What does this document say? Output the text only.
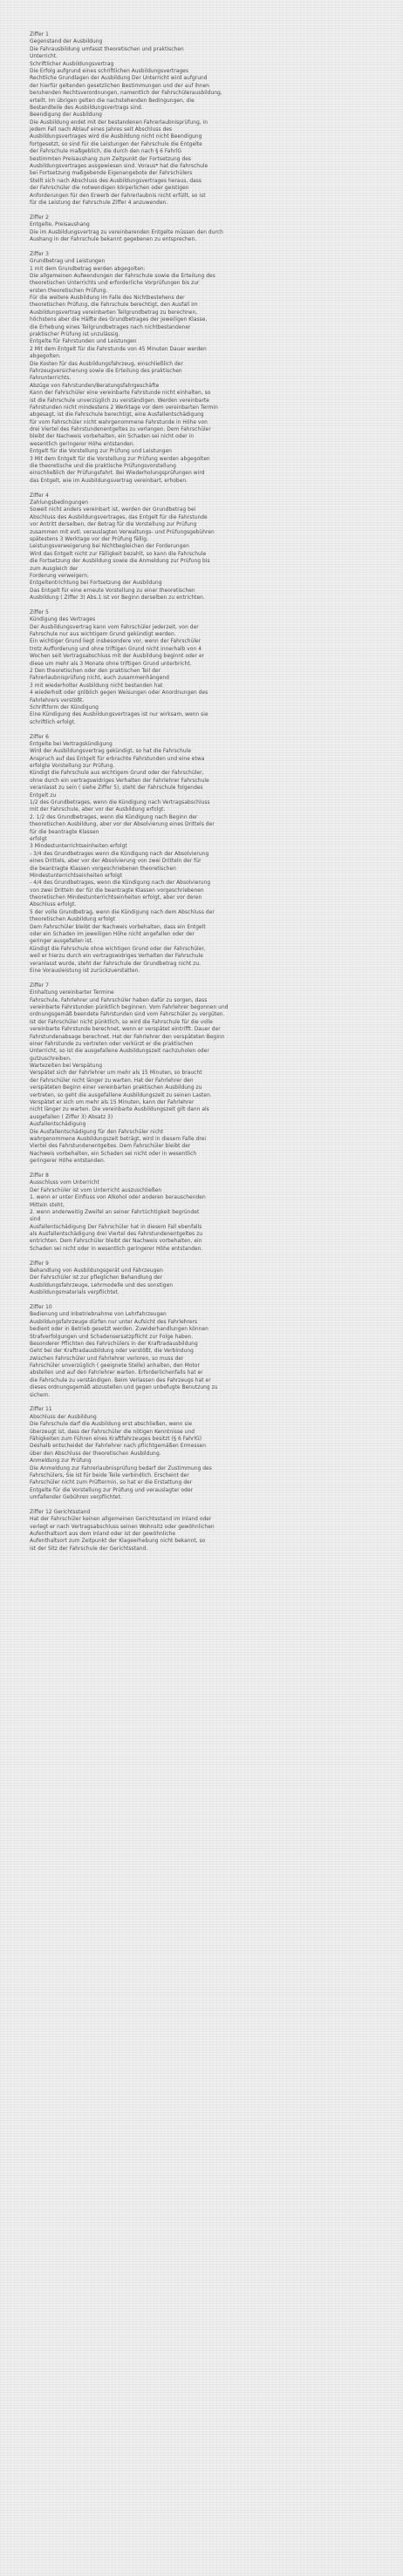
Ziffer 1
Gegenstand der Ausbildung
Die Fahrausbildung umfasst theoretischen und praktischen
Unterricht.
Schriftlicher Ausbildungsvertrag
Die Erfolg aufgrund eines schriftlichen Ausbildungsvertrages
Rechtliche Grundlagen der Ausbildung Der Unterricht wird aufgrund
der hierfür geltenden gesetzlichen Bestimmungen und der auf ihnen
beruhenden Rechtsverordnungen, namentlich der Fahrschülerausbildung,
erteilt. Im übrigen gelten die nachstehenden Bedingungen, die
Bestandteile des Ausbildungsvertrags sind.
Beendigung der Ausbildung
Die Ausbildung endet mit der bestandenen Fahrerlaubnisprüfung, in
jedem Fall nach Ablauf eines Jahres seit Abschluss des
Ausbildungsvertrages wird die Ausbildung nicht nicht Beendigung
fortgesetzt, so sind für die Leistungen der Fahrschule die Entgelte
der Fahrschule maßgeblich, die durch den nach § 6 FahrlG
bestimmten Preisaushang zum Zeitpunkt der Fortsetzung des
Ausbildungsvertrages ausgewiesen sind. Voraus* hat die Fahrschule
bei Fortsetzung maßgebende Eigenangebote der Fahrschülers
Stellt sich nach Abschluss des Ausbildungsvertrages heraus, dass
der Fahrschüler die notwendigen körperlichen oder geistigen
Anforderungen für den Erwerb der Fahrerlaubnis nicht erfüllt, so ist
für die Leistung der Fahrschule Ziffer 4 anzuwenden.
Ziffer 2
Entgelte, Preisaushang
Die im Ausbildungsvertrag zu vereinbarenden Entgelte müssen den durch
Aushang in der Fahrschule bekannt gegebenen zu entsprechen.
Ziffer 3
Grundbetrag und Leistungen
1 mit dem Grundbetrag werden abgegolten:
Die allgemeinen Aufwendungen der Fahrschule sowie die Erteilung des
theoretischen Unterrichts und erforderliche Vorprüfungen bis zur
ersten theoretischen Prüfung.
Für die weitere Ausbildung im Falle des Nichtbestehens der
theoretischen Prüfung, die Fahrschule berechtigt, den Ausfall im
Ausbildungsvertrag vereinbarten Teilgrundbetrag zu berechnen,
höchstens aber die Hälfte des Grundbetrages der jeweiligen Klasse,
die Erhebung eines Teilgrundbetrages nach nichtbestandener
praktischer Prüfung ist unzulässig.
Entgelte für Fahrstunden und Leistungen
2 Mit dem Entgelt für die Fahrstunde von 45 Minuten Dauer werden
abgegolten.
Die Kosten für das Ausbildungsfahrzeug, einschließlich der
Fahrzeugversicherung sowie die Erteilung des praktischen
Fahrunterrichts.
Abzüge von Fahrstunden/Beratungsfahrgeschäfte
Kann der Fahrschüler eine vereinbarte Fahrstunde nicht einhalten, so
ist die Fahrschule unverzüglich zu verständigen. Werden vereinbarte
Fahrstunden nicht mindestens 2 Werktage vor dem vereinbarten Termin
abgesagt, ist die Fahrschule berechtigt, eine Ausfallentschädigung
für vom Fahrschüler nicht wahrgenommene Fahrstunde in Höhe von
drei Viertel des Fahrstundenentgeltes zu verlangen. Dem Fahrschüler
bleibt der Nachweis vorbehalten, ein Schaden sei nicht oder in
wesentlich geringerer Höhe entstanden.
Entgelt für die Vorstellung zur Prüfung und Leistungen
3 Mit dem Entgelt für die Vorstellung zur Prüfung werden abgegolten
die theoretische und die praktische Prüfungsvorstellung
einschließlich der Prüfungsfahrt. Bei Wiederholungsprüfungen wird
das Entgelt, wie im Ausbildungsvertrag vereinbart, erhoben.
Ziffer 4
Zahlungsbedingungen
Soweit nicht anders vereinbart ist, werden der Grundbetrag bei
Abschluss des Ausbildungsvertrages, das Entgelt für die Fahrstunde
vor Antritt derselben, der Betrag für die Vorstellung zur Prüfung
zusammen mit evtl. verauslagten Verwaltungs- und Prüfungsgebühren
spätestens 3 Werktage vor der Prüfung fällig.
Leistungsverweigerung bei Nichtbegleichen der Forderungen
Wird das Entgelt nicht zur Fälligkeit bezahlt, so kann die Fahrschule
die Fortsetzung der Ausbildung sowie die Anmeldung zur Prüfung bis
zum Ausgleich der
Forderung verweigern.
Entgeltentrichtung bei Fortsetzung der Ausbildung
Das Entgelt für eine erneute Vorstellung zu einer theoretischen
Ausbildung ( Ziffer 3) Abs.1 ist vor Beginn derselben zu entrichten.
Ziffer 5
Kündigung des Vertrages
Der Ausbildungsvertrag kann vom Fahrschüler jederzeit, von der
Fahrschule nur aus wichtigem Grund gekündigt werden.
Ein wichtiger Grund liegt insbesondere vor, wenn der Fahrschüler
trotz Aufforderung und ohne triftigen Grund nicht innerhalb von 4
Wochen seit Vertragsabschluss mit der Ausbildung beginnt oder er
diese um mehr als 3 Monate ohne triftigen Grund unterbricht.
2 Den theoretischen oder den praktischen Teil der
Fahrerlaubnisprüfung nicht, auch zusammenhängend
3 mit wiederholter Ausbildung nicht bestanden hat
4 wiederholt oder gröblich gegen Weisungen oder Anordnungen des
Fahrlehrers verstößt.
Schriftform der Kündigung
Eine Kündigung des Ausbildungsvertrages ist nur wirksam, wenn sie
schriftlich erfolgt.
Ziffer 6
Entgelte bei Vertragskündigung
Wird der Ausbildungsvertrag gekündigt, so hat die Fahrschule
Anspruch auf das Entgelt für erbrachte Fahrstunden und eine etwa
erfolgte Vorstellung zur Prüfung.
Kündigt die Fahrschule aus wichtigem Grund oder der Fahrschüler,
ohne durch ein vertragswidriges Verhalten der Fahrlehrer Fahrschule
veranlasst zu sein ( siehe Ziffer 5), steht der Fahrschule folgendes
Entgelt zu
1/2 des Grundbetrages, wenn die Kündigung nach Vertragsabschluss
mit der Fahrschule, aber vor der Ausbildung erfolgt.
2. 1/2 des Grundbetrages, wenn die Kündigung nach Beginn der
theoretischen Ausbildung, aber vor der Absolvierung eines Drittels der
für die beantragte Klassen
erfolgt
3 Mindestunterrichtseinheiten erfolgt
- 3/4 des Grundbetrages wenn die Kündigung nach der Absolvierung
eines Drittels, aber vor der Absolvierung von zwei Dritteln der für
die beantragte Klassen vorgeschriebenen theoretischen
Mindestunterrichtseinheiten erfolgt
- 4/4 des Grundbetrages, wenn die Kündigung nach der Absolvierung
von zwei Dritteln der für die beantragte Klassen vorgeschriebenen
theoretischen Mindestunterrichtseinheiten erfolgt, aber vor deren
Abschluss erfolgt.
5 der volle Grundbetrag, wenn die Kündigung nach dem Abschluss der
theoretischen Ausbildung erfolgt
Dem Fahrschüler bleibt der Nachweis vorbehalten, dass ein Entgelt
oder ein Schaden im jeweiligen Höhe nicht angefallen oder der
geringer ausgefallen ist.
Kündigt die Fahrschule ohne wichtigen Grund oder der Fahrschüler,
weil er hierzu durch ein vertragswidriges Verhalten der Fahrschule
veranlasst wurde, steht der Fahrschule der Grundbetrag nicht zu.
Eine Vorausleistung ist zurückzuerstatten.
Ziffer 7
Einhaltung vereinbarter Termine
Fahrschule, Fahrlehrer und Fahrschüler haben dafür zu sorgen, dass
vereinbarte Fahrstunden pünktlich beginnen. Vom Fahrlehrer begonnen und
ordnungsgemäß beendete Fahrstunden sind vom Fahrschüler zu vergüten.
Ist der Fahrschüler nicht pünktlich, so wird die Fahrschule für die volle
vereinbarte Fahrstunde berechnet, wenn er verspätet eintrifft. Dauer der
Fahrstundenabsage berechnet. Hat der Fahrlehrer den verspäteten Beginn
einer Fahrstunde zu vertreten oder verkürzt er die praktischen
Unterricht, so ist die ausgefallene Ausbildungszeit nachzuholen oder
gutzuschreiben.
Wartezeiten bei Verspätung
Verspätet sich der Fahrlehrer um mehr als 15 Minuten, so braucht
der Fahrschüler nicht länger zu warten. Hat der Fahrlehrer den
verspäteten Beginn einer vereinbarten praktischen Ausbildung zu
vertreten, so geht die ausgefallene Ausbildungszeit zu seinen Lasten.
Verspätet er sich um mehr als 15 Minuten, kann der Fahrlehrer
nicht länger zu warten. Die vereinbarte Ausbildungszeit gilt dann als
ausgefallen ( Ziffer 3) Absatz 3)
Ausfallentschädigung
Die Ausfallentschädigung für den Fahrschüler nicht
wahrgenommene Ausbildungszeit beträgt, wird in diesem Falle drei
Viertel des Fahrstundenentgeltes. Dem Fahrschüler bleibt der
Nachweis vorbehalten, ein Schaden sei nicht oder in wesentlich
geringerer Höhe entstanden.
Ziffer 8
Ausschluss vom Unterricht
Der Fahrschüler ist vom Unterricht auszuschließen
1. wenn er unter Einfluss von Alkohol oder anderen berauschenden
Mitteln steht,
2. wenn anderweitig Zweifel an seiner Fahrtüchtigkeit begründet
sind
Ausfallentschädigung Der Fahrschüler hat in diesem Fall ebenfalls
als Ausfallentschädigung drei Viertel des Fahrstundenentgeltes zu
entrichten. Dem Fahrschüler bleibt der Nachweis vorbehalten, ein
Schaden sei nicht oder in wesentlich geringerer Höhe entstanden.
Ziffer 9
Behandlung von Ausbildungsgerät und Fahrzeugen
Der Fahrschüler ist zur pfleglichen Behandlung der
Ausbildungsfahrzeuge, Lehrmodelle und des sonstigen
Ausbildungsmaterials verpflichtet.
Ziffer 10
Bedienung und Inbetriebnahme von Lehrfahrzeugen
Ausbildungsfahrzeuge dürfen nur unter Aufsicht des Fahrlehrers
bedient oder in Betrieb gesetzt werden. Zuwiderhandlungen können
Strafverfolgungen und Schadensersatzpflicht zur Folge haben.
Besonderer Pflichten des Fahrschülers in der Kraftradausbildung
Geht bei der Kraftradausbildung oder verstößt, die Verbindung
zwischen Fahrschüler und Fahrlehrer verloren, so muss der
Fahrschüler unverzüglich ( geeignete Stelle) anhalten, den Motor
abstellen und auf den Fahrlehrer warten. Erforderlichenfalls hat er
die Fahrschule zu verständigen. Beim Verlassen des Fahrzeugs hat er
dieses ordnungsgemäß abzustellen und gegen unbefugte Benutzung zu
sichern.
Ziffer 11
Abschluss der Ausbildung
Die Fahrschule darf die Ausbildung erst abschließen, wenn sie
überzeugt ist, dass der Fahrschüler die nötigen Kenntnisse und
Fähigkeiten zum Führen eines Kraftfahrzeuges besitzt (§ 6 FahrlG)
Deshalb entscheidet der Fahrlehrer nach pflichtgemäßen Ermessen
über den Abschluss der theoretischen Ausbildung.
Anmeldung zur Prüfung
Die Anmeldung zur Fahrerlaubnisprüfung bedarf der Zustimmung des
Fahrschülers, Sie ist für beide Teile verbindlich. Erscheint der
Fahrschüler nicht zum Prüftermin, so hat er die Erstattung der
Entgelte für die Vorstellung zur Prüfung und verauslagter oder
umfallender Gebühren verpflichtet.
Ziffer 12 Gerichtsstand
Hat der Fahrschüler keinen allgemeinen Gerichtsstand im Inland oder
verlegt er nach Vertragsabschluss seinen Wohnsitz oder gewöhnlichen
Aufenthaltsort aus dem Inland oder ist der gewöhnliche
Aufenthaltsort zum Zeitpunkt der Klageerhebung nicht bekannt, so
ist der Sitz der Fahrschule der Gerichtsstand.
